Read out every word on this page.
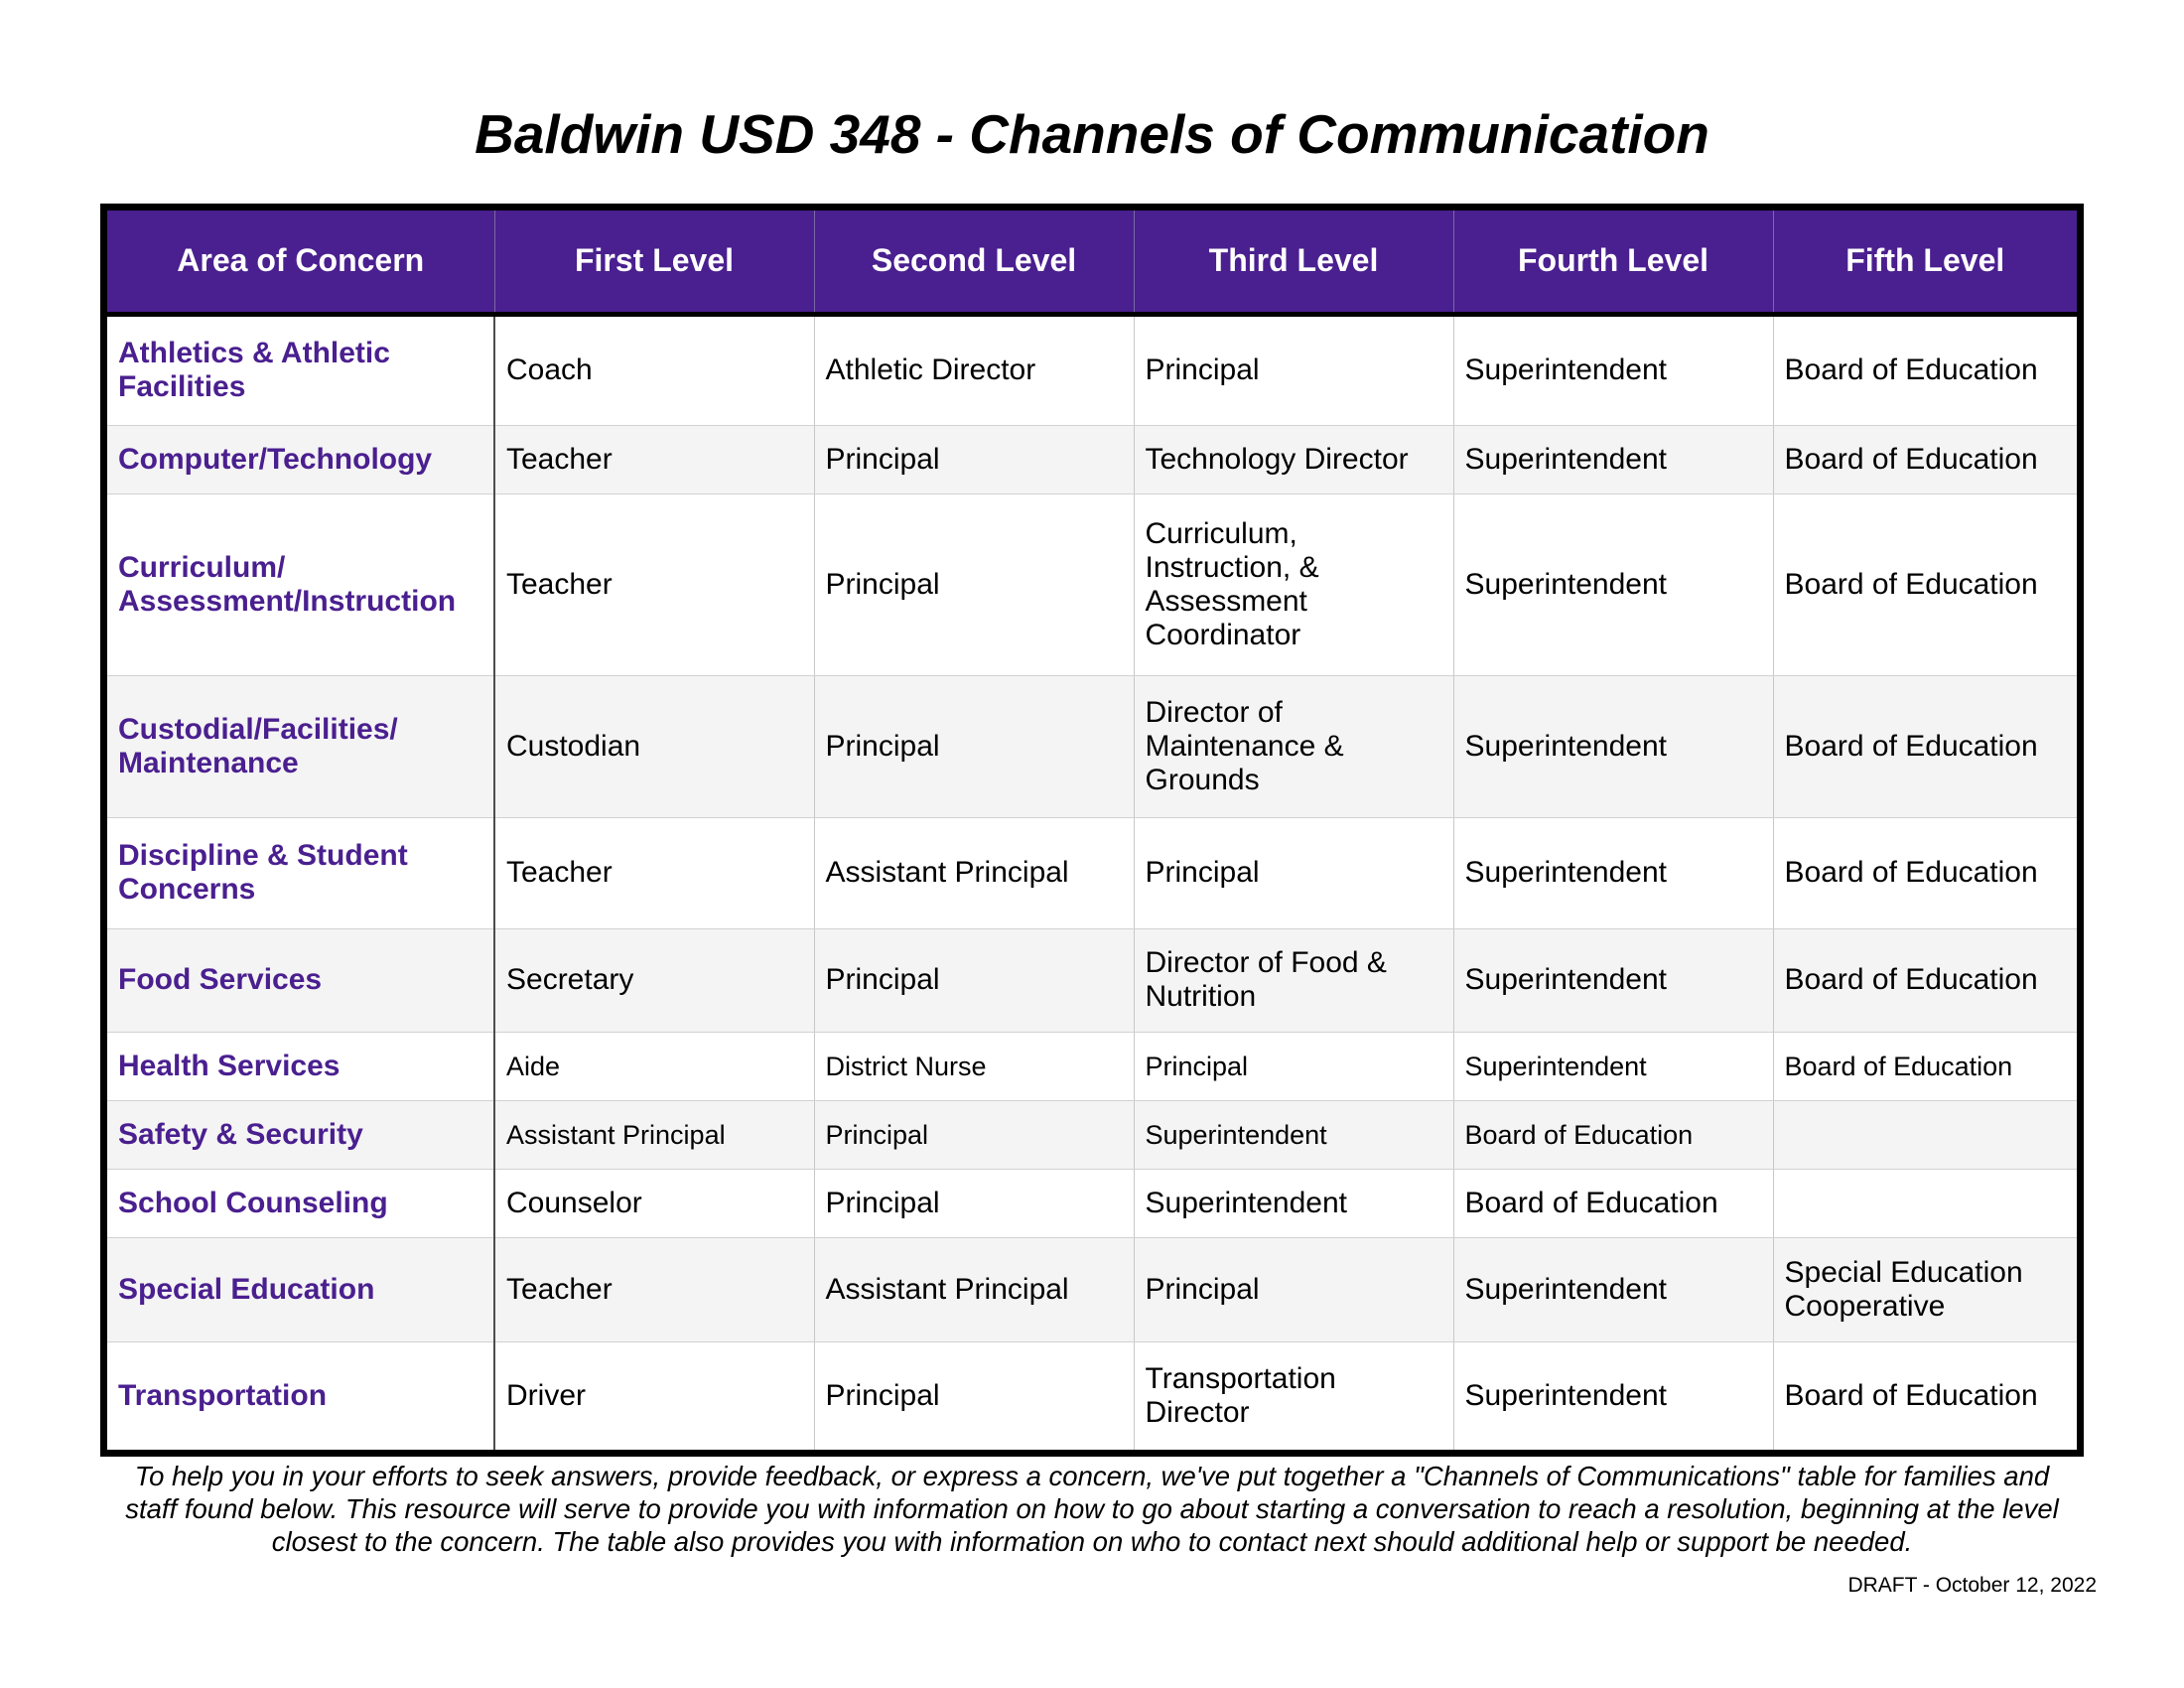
Baldwin USD 348 - Channels of Communication
Area of Concern	First Level	Second Level	Third Level	Fourth Level	Fifth Level
Athletics & Athletic Facilities	Coach	Athletic Director	Principal	Superintendent	Board of Education
Computer/Technology	Teacher	Principal	Technology Director	Superintendent	Board of Education
Curriculum/ Assessment/Instruction	Teacher	Principal	Curriculum, Instruction, & Assessment Coordinator	Superintendent	Board of Education
Custodial/Facilities/ Maintenance	Custodian	Principal	Director of Maintenance & Grounds	Superintendent	Board of Education
Discipline & Student Concerns	Teacher	Assistant Principal	Principal	Superintendent	Board of Education
Food Services	Secretary	Principal	Director of Food & Nutrition	Superintendent	Board of Education
Health Services	Aide	District Nurse	Principal	Superintendent	Board of Education
Safety & Security	Assistant Principal	Principal	Superintendent	Board of Education	
School Counseling	Counselor	Principal	Superintendent	Board of Education	
Special Education	Teacher	Assistant Principal	Principal	Superintendent	Special Education Cooperative
Transportation	Driver	Principal	Transportation Director	Superintendent	Board of Education

To help you in your efforts to seek answers, provide feedback, or express a concern, we've put together a "Channels of Communications" table for families and staff found below. This resource will serve to provide you with information on how to go about starting a conversation to reach a resolution, beginning at the level closest to the concern. The table also provides you with information on who to contact next should additional help or support be needed.

DRAFT - October 12, 2022
